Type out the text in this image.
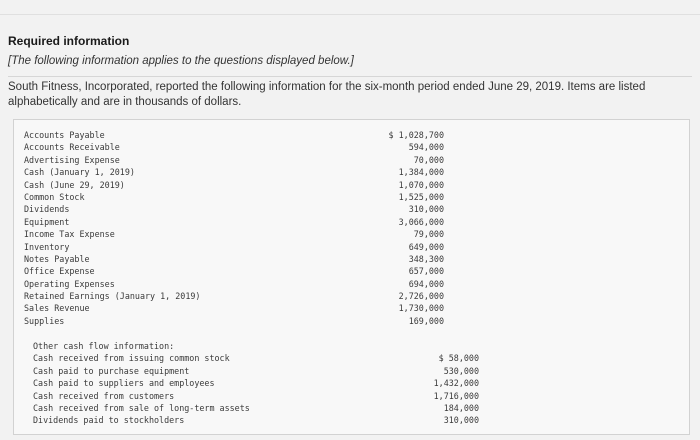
Required information
[The following information applies to the questions displayed below.]
South Fitness, Incorporated, reported the following information for the six-month period ended June 29, 2019. Items are listed alphabetically and are in thousands of dollars.
Accounts Payable	$ 1,028,700
Accounts Receivable	594,000
Advertising Expense	70,000
Cash (January 1, 2019)	1,384,000
Cash (June 29, 2019)	1,070,000
Common Stock	1,525,000
Dividends	310,000
Equipment	3,066,000
Income Tax Expense	79,000
Inventory	649,000
Notes Payable	348,300
Office Expense	657,000
Operating Expenses	694,000
Retained Earnings (January 1, 2019)	2,726,000
Sales Revenue	1,730,000
Supplies	169,000
Other cash flow information:
Cash received from issuing common stock	$ 58,000
Cash paid to purchase equipment	530,000
Cash paid to suppliers and employees	1,432,000
Cash received from customers	1,716,000
Cash received from sale of long-term assets	184,000
Dividends paid to stockholders	310,000
